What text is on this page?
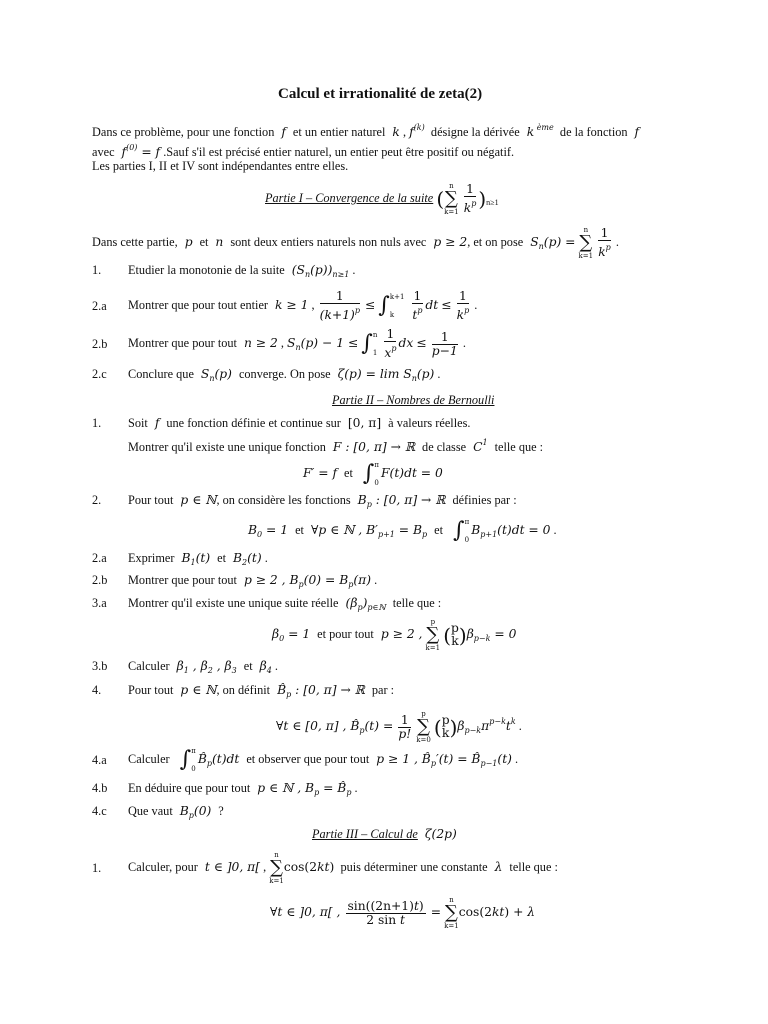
Calcul et irrationalité de zeta(2)
Dans ce problème, pour une fonction  f  et un entier naturel  k , $f^{(k)}$ désigne la dérivée  k $^{ème}$ de la fonction  f
avec  $f^{(0)} = f$ .Sauf s'il est précisé entier naturel, un entier peut être positif ou négatif.
Les parties I, II et IV sont indépendantes entre elles.
Partie I – Convergence de la suite (
n
∑
k=1
$\frac{1}{k^p} )_{n\ge 1}$
Dans cette partie,  p  et  n  sont deux entiers naturels non nuls avec  p ≥ 2, et on pose  $S_n(p)$ =
n
∑
k=1
$\frac{1}{k^p}$ .
1. Etudier la monotonie de la suite  $(S_n(p))_{n\ge 1}$ .
2.a Montrer que pour tout entier  k ≥ 1 , $\frac{1}{(k+1)^p} \le \int k+1$

k $\frac{1}{t^p}$ dt ≤ $\frac{1}{k^p}$ .
2.b Montrer que pour tout  n ≥ 2 , $S_n(p) - 1 \le \int n$

$1 \frac{1}{x^p}$ dx ≤ $\frac{1}{p-1}$ .
2.c Conclure que  $S_n(p)$  converge. On pose  $\zeta(p) = \lim S_n(p)$ .
Partie II – Nombres de Bernoulli
1. Soit  f  une fonction définie et continue sur  [0, π]  à valeurs réelles.
Montrer qu'il existe une unique fonction  F : [0, π] → ℝ  de classe  $C^1$ telle que :
F′ = f  et  ∫π

0F(t)dt = 0
2. Pour tout  p ∈ ℕ, on considère les fonctions  $B_p$ : [0, π] → ℝ  définies par :
$B_0 = 1$  et  ∀p ∈ ℕ , $B'_{p+1} = B_p$ et  ∫π

$0B_{p+1}(t)dt = 0$ .
2.a Exprimer  $B_1(t)$  et  $B_2(t)$ .
2.b Montrer que pour tout  p ≥ 2 , $B_p(0) = B_p(\pi)$ .
3.a Montrer qu'il existe une unique suite réelle  $(\beta_p)_{p\in ℕ}$ telle que :
$\beta_0 = 1$  et pour tout  p ≥ 2 ,
p
∑
k=1
( p
k )$\beta_{p-k} = 0$
3.b Calculer  $\beta_1$ , $\beta_2$ , $\beta_3$ et  $\beta_4$ .
4. Pour tout  p ∈ ℕ, on définit  $B̂_p$ : [0, π] → ℝ  par :
∀t ∈ [0, π] , $B̂_p(t) = \frac{1}{p!}$
	p
∑
k=0
( p
k )$\beta_{p-k}\pi^{p-k}t^k$ .
4.a Calculer  ∫π

$0B̂_p(t)dt$  et observer que pour tout  p ≥ 1 , $B̂_p'(t)$ = $B̂_{p-1}(t)$ .
4.b En déduire que pour tout  p ∈ ℕ , $B_p$ = $B̂_p$ .
4.c Que vaut  $B_p(0)$  ?
Partie III – Calcul de  ζ(2p)
1. Calculer, pour  t ∈ ]0, π[ ,
n
∑
k=1
cos(2kt) puis déterminer une constante  λ  telle que :
∀t ∈ ]0, π[ , $\frac{\sin((2n+1)t)}{\text{2 sin t}}$ =
n
∑
k=1
cos(2kt) + λ
